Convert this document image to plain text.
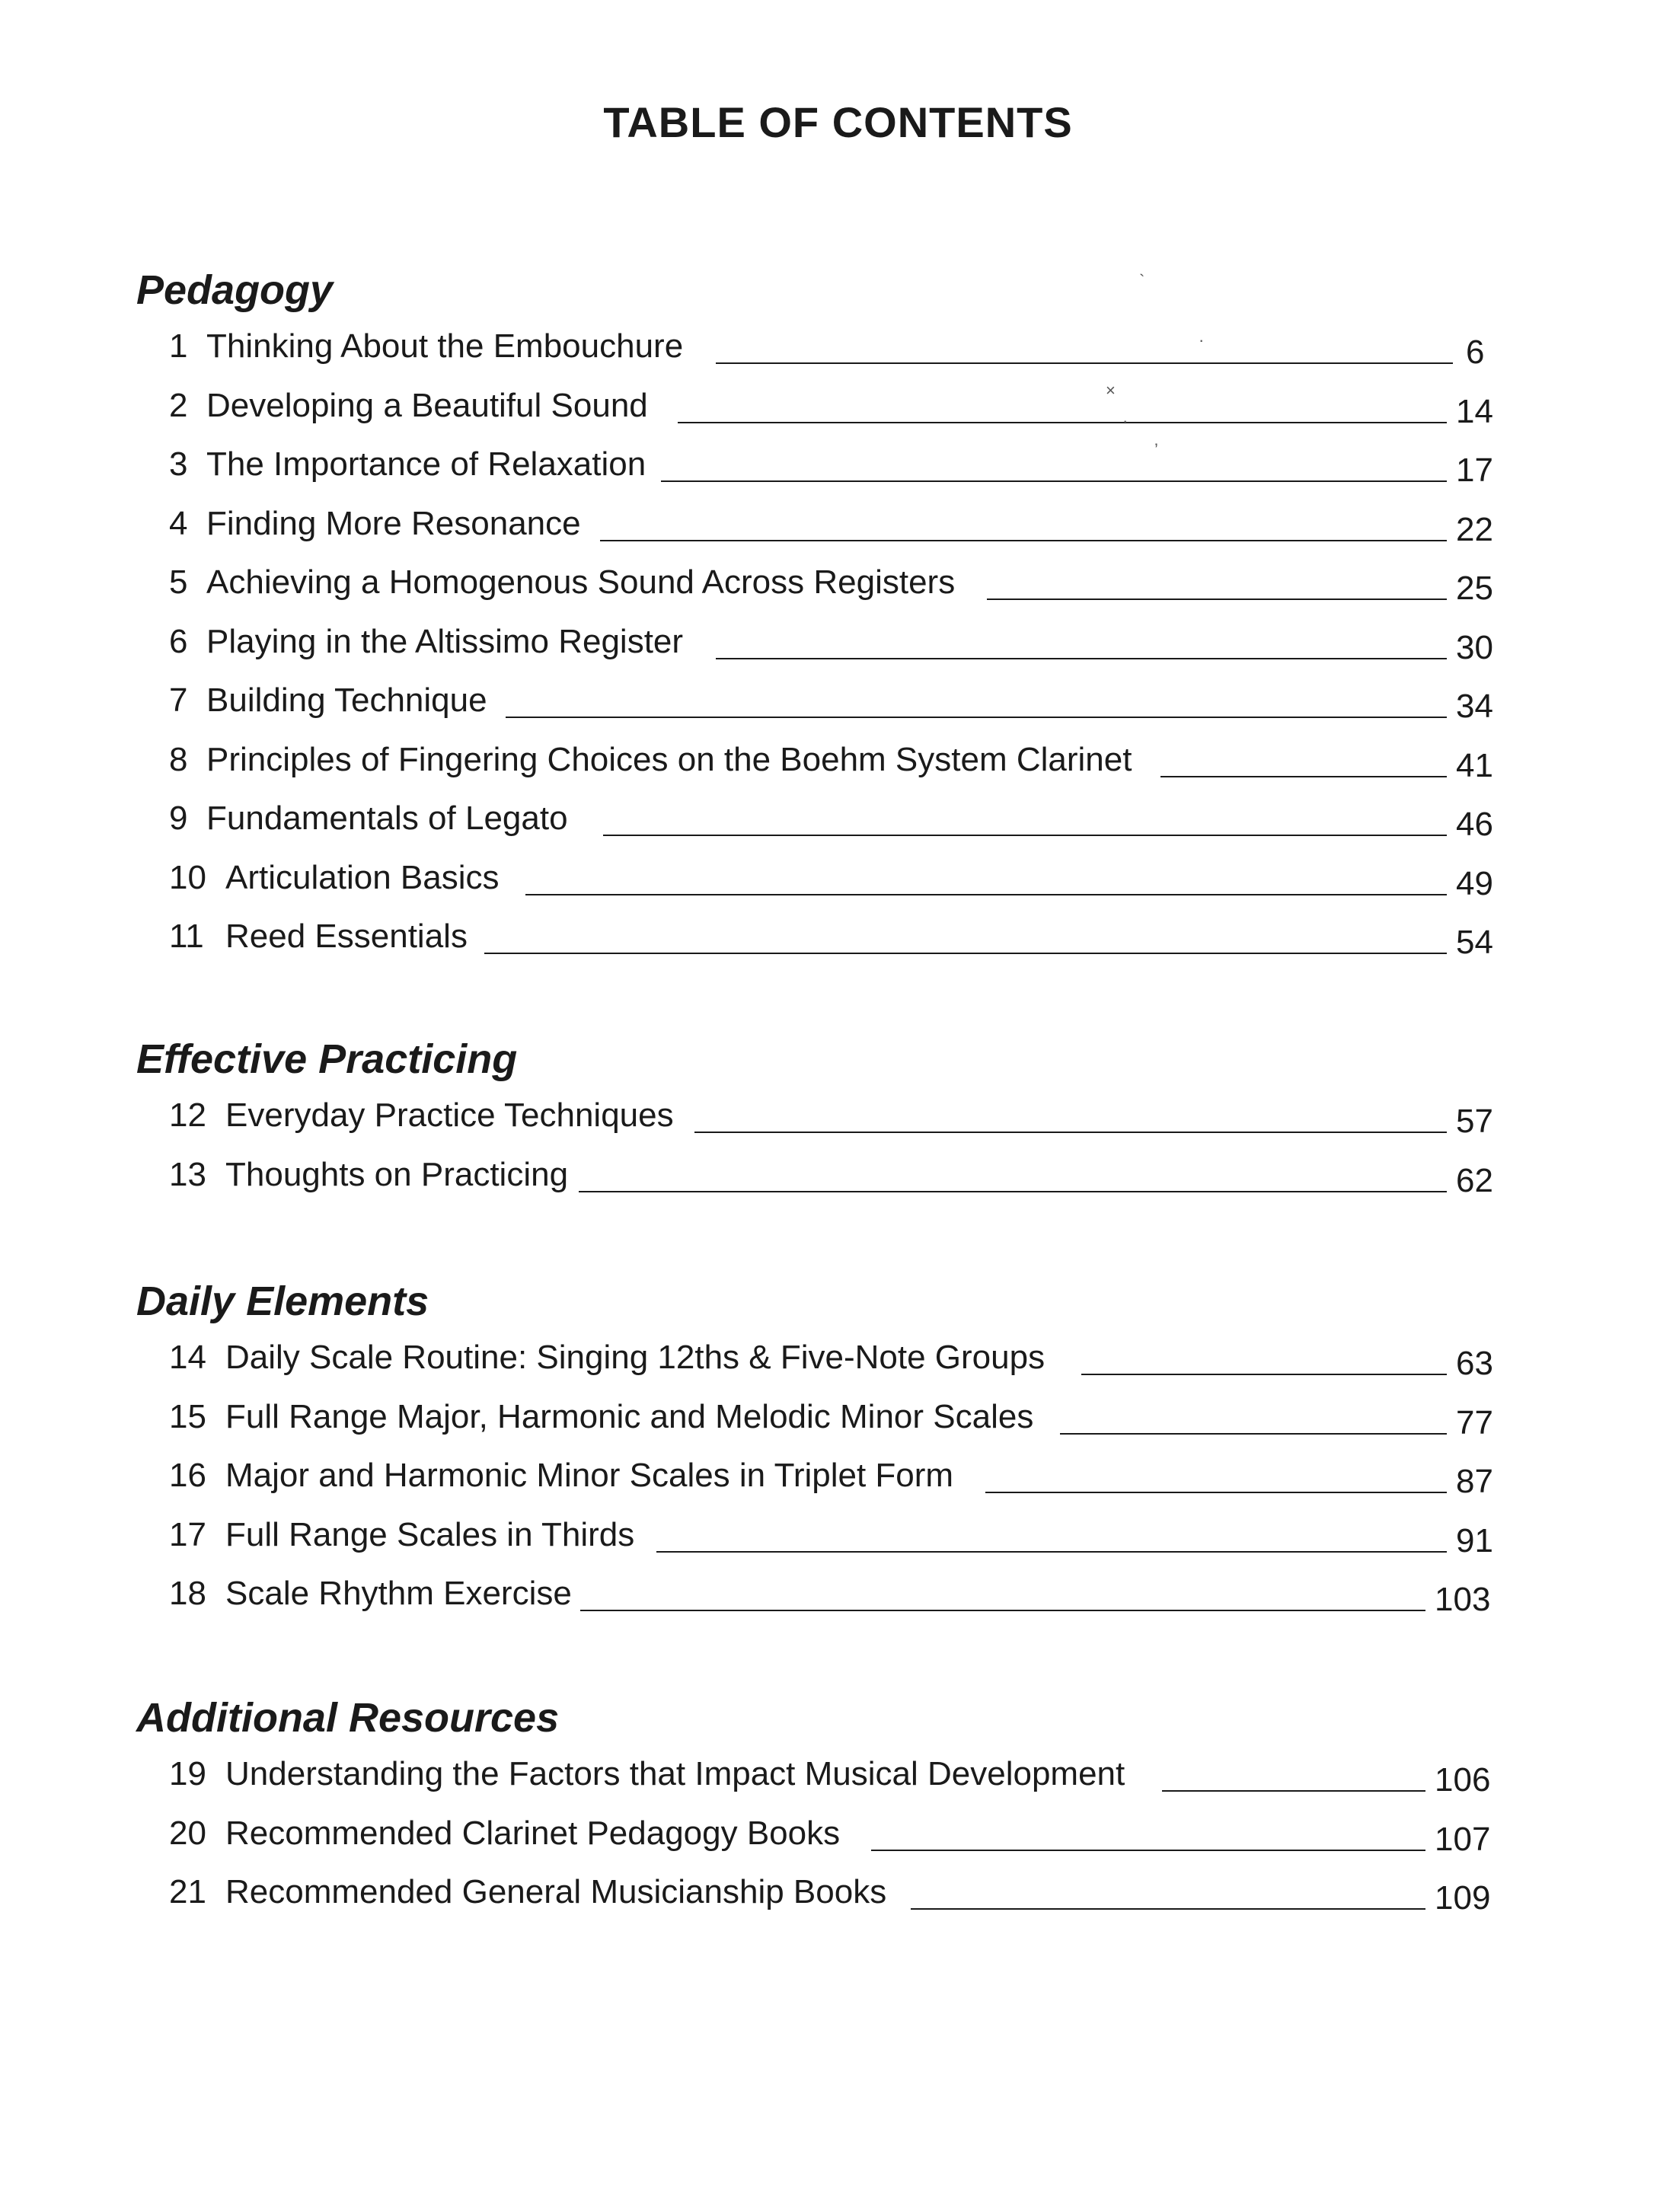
TABLE OF CONTENTS
Pedagogy
1 Thinking About the Embouchure	6
2 Developing a Beautiful Sound	14
3 The Importance of Relaxation	17
4 Finding More Resonance	22
5 Achieving a Homogenous Sound Across Registers	25
6 Playing in the Altissimo Register	30
7 Building Technique	34
8 Principles of Fingering Choices on the Boehm System Clarinet	41
9 Fundamentals of Legato	46
10 Articulation Basics	49
11 Reed Essentials	54
Effective Practicing
12 Everyday Practice Techniques	57
13 Thoughts on Practicing	62
Daily Elements
14 Daily Scale Routine: Singing 12ths & Five-Note Groups	63
15 Full Range Major, Harmonic and Melodic Minor Scales	77
16 Major and Harmonic Minor Scales in Triplet Form	87
17 Full Range Scales in Thirds	91
18 Scale Rhythm Exercise	103
Additional Resources
19 Understanding the Factors that Impact Musical Development	106
20 Recommended Clarinet Pedagogy Books	107
21 Recommended General Musicianship Books	109
`
·
×
·
’
